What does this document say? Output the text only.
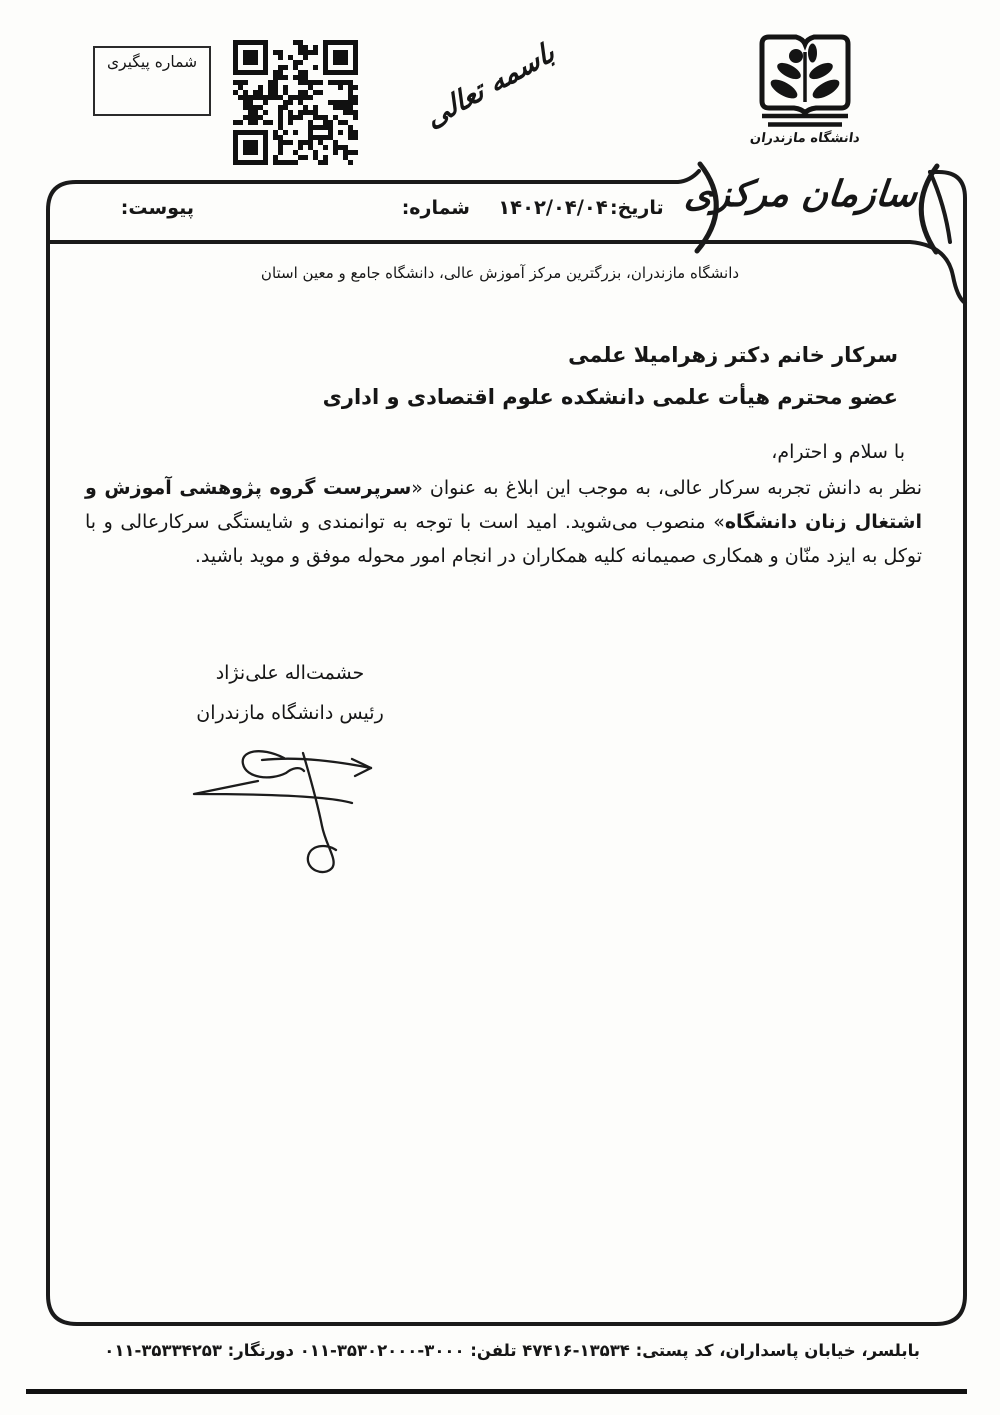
شماره پیگیری	باسمه تعالی
دانشگاه مازندران
سازمان مرکزی
تاریخ:
۱۴۰۲/۰۴/۰۴
شماره:
پیوست:
دانشگاه مازندران، بزرگترین مرکز آموزش عالی، دانشگاه جامع و معین استان
سرکار خانم دکتر زهرامیلا علمی
عضو محترم هیأت علمی دانشکده علوم اقتصادی و اداری
با سلام و احترام،
نظر به دانش تجربه سرکار عالی، به موجب این ابلاغ به عنوان «سرپرست گروه پژوهشی آموزش و اشتغال زنان دانشگاه» منصوب می‌شوید. امید است با توجه به توانمندی و شایستگی سرکارعالی و با توکل به ایزد منّان و همکاری صمیمانه کلیه همکاران در انجام امور محوله موفق و موید باشید.
حشمت‌اله علی‌نژاد
رئیس دانشگاه مازندران
بابلسر، خیابان پاسداران، کد پستی: ۱۳۵۳۴-۴۷۴۱۶ تلفن: ۳۰۰۰-۳۵۳۰۲۰۰۰-۰۱۱ دورنگار: ۳۵۳۳۴۲۵۳-۰۱۱
